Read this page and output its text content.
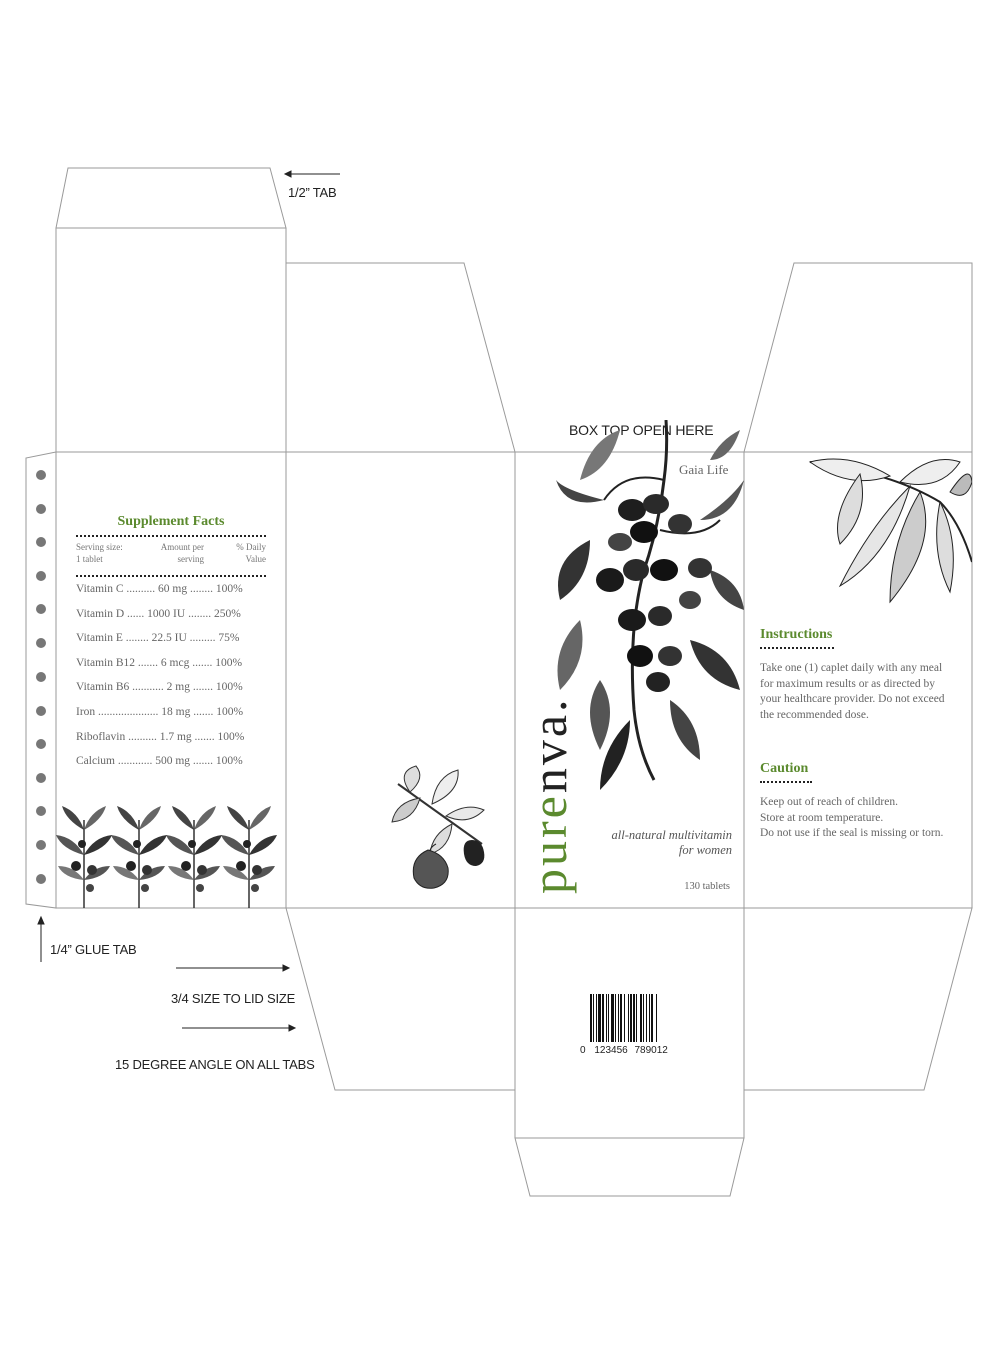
1/2” TAB
BOX TOP OPEN HERE
1/4” GLUE TAB
3/4 SIZE TO LID SIZE
15 DEGREE ANGLE ON ALL TABS
Supplement Facts
Serving size:
1 tablet
Amount per
serving
% Daily
Value
Vitamin C .......... 60 mg ........ 100%
Vitamin D ...... 1000 IU ........ 250%
Vitamin E ........ 22.5 IU ......... 75%
Vitamin B12 ....... 6 mcg ....... 100%
Vitamin B6 ........... 2 mg ....... 100%
Iron ..................... 18 mg ....... 100%
Riboflavin .......... 1.7 mg ....... 100%
Calcium ............ 500 mg ....... 100%
Gaia Life
purenva.
all-natural multivitamin
for women
130 tablets
0 123456 789012
Instructions
Take one (1) caplet daily with any meal for maximum results or as directed by your healthcare provider. Do not exceed the recommended dose.
Caution
Keep out of reach of children.
Store at room temperature.
Do not use if the seal is missing or torn.
